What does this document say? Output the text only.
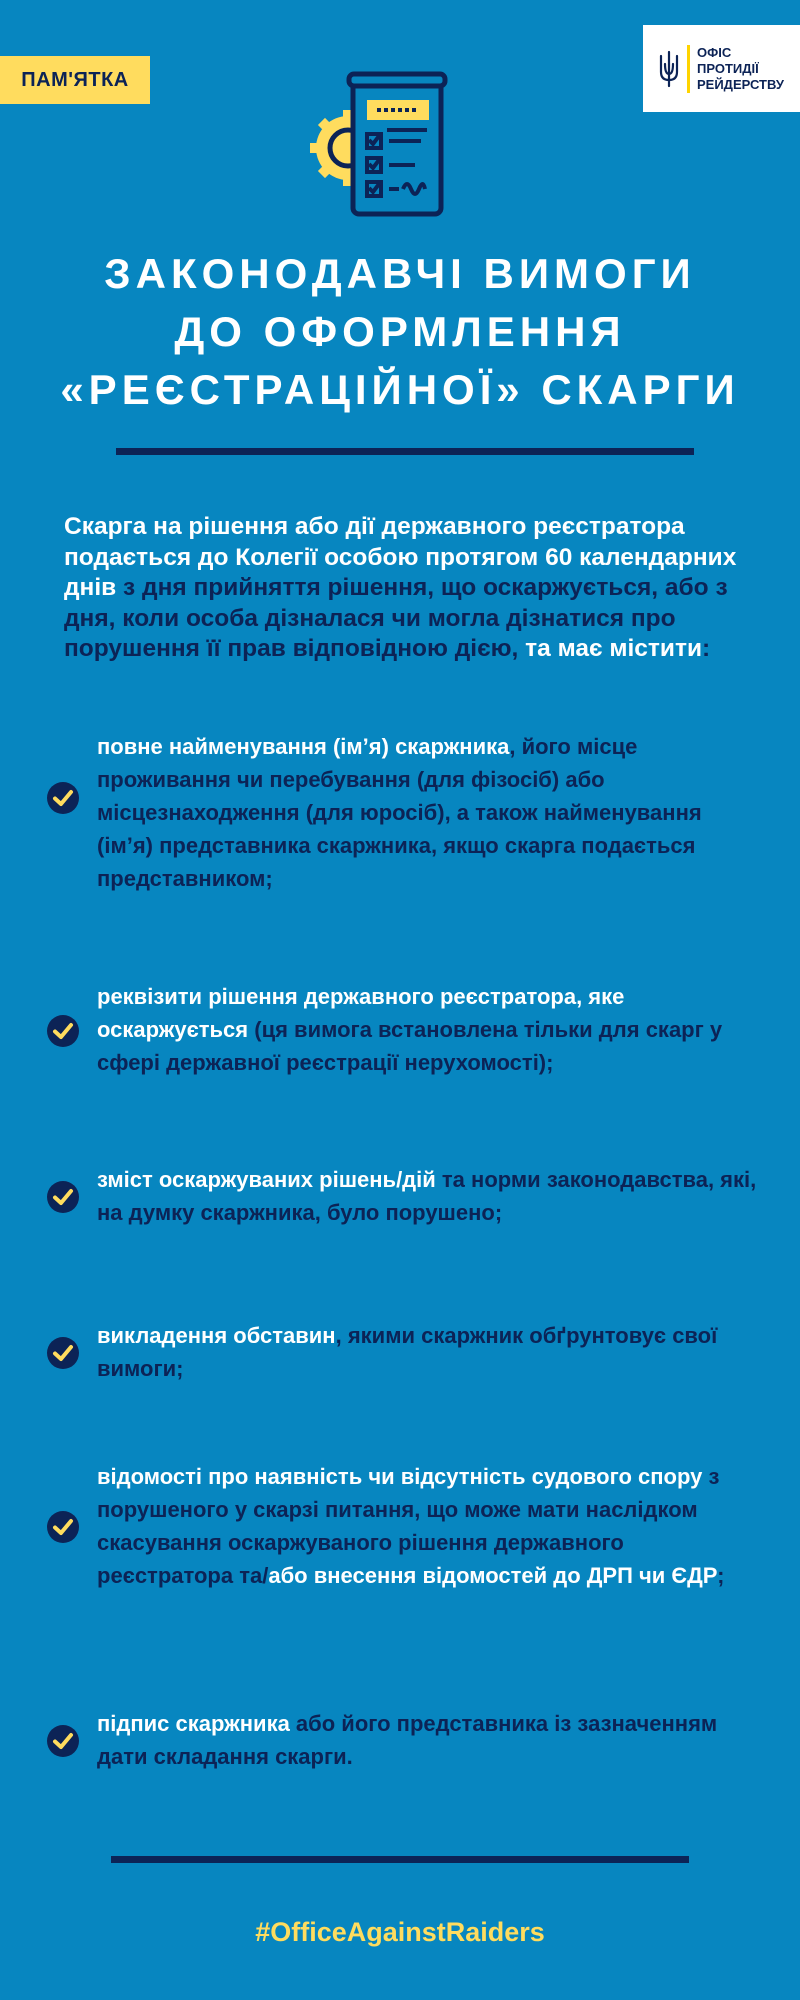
ПАМ'ЯТКА
ОФІС
ПРОТИДІЇ
РЕЙДЕРСТВУ
ЗАКОНОДАВЧІ ВИМОГИ
ДО ОФОРМЛЕННЯ
«РЕЄСТРАЦІЙНОЇ» СКАРГИ
Скарга на рішення або дії державного реєстратора подається до Колегії особою протягом 60 календарних днів з дня прийняття рішення, що оскаржується, або з дня, коли особа дізналася чи могла дізнатися про порушення її прав відповідною дією, та має містити:
повне найменування (ім’я) скаржника, його місце проживання чи перебування (для фізосіб) або місцезнаходження (для юросіб), а також найменування (ім’я) представника скаржника, якщо скарга подається представником;
реквізити рішення державного реєстратора, яке оскаржується (ця вимога встановлена тільки для скарг у сфері державної реєстрації нерухомості);
зміст оскаржуваних рішень/дій та норми законодавства, які, на думку скаржника, було порушено;
викладення обставин, якими скаржник обґрунтовує свої вимоги;
відомості про наявність чи відсутність судового спору з порушеного у скарзі питання, що може мати наслідком скасування оскаржуваного рішення державного реєстратора та/або внесення відомостей до ДРП чи ЄДР;
підпис скаржника або його представника із зазначенням дати складання скарги.
#OfficeAgainstRaiders
